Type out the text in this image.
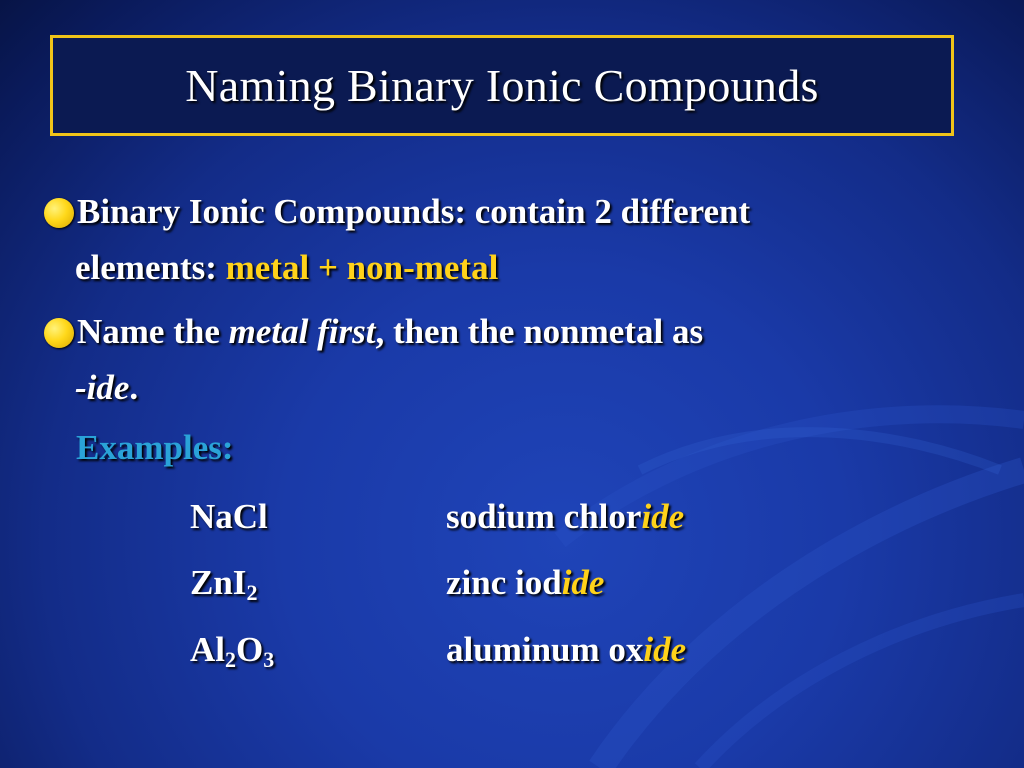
Naming Binary Ionic Compounds
Binary Ionic Compounds: contain 2 different
elements: metal + non-metal
Name the metal first, then the nonmetal as
-ide.
Examples:
NaCl	sodium chloride
ZnI$_2$	zinc iodide
$Al_2O_3$	aluminum oxide
